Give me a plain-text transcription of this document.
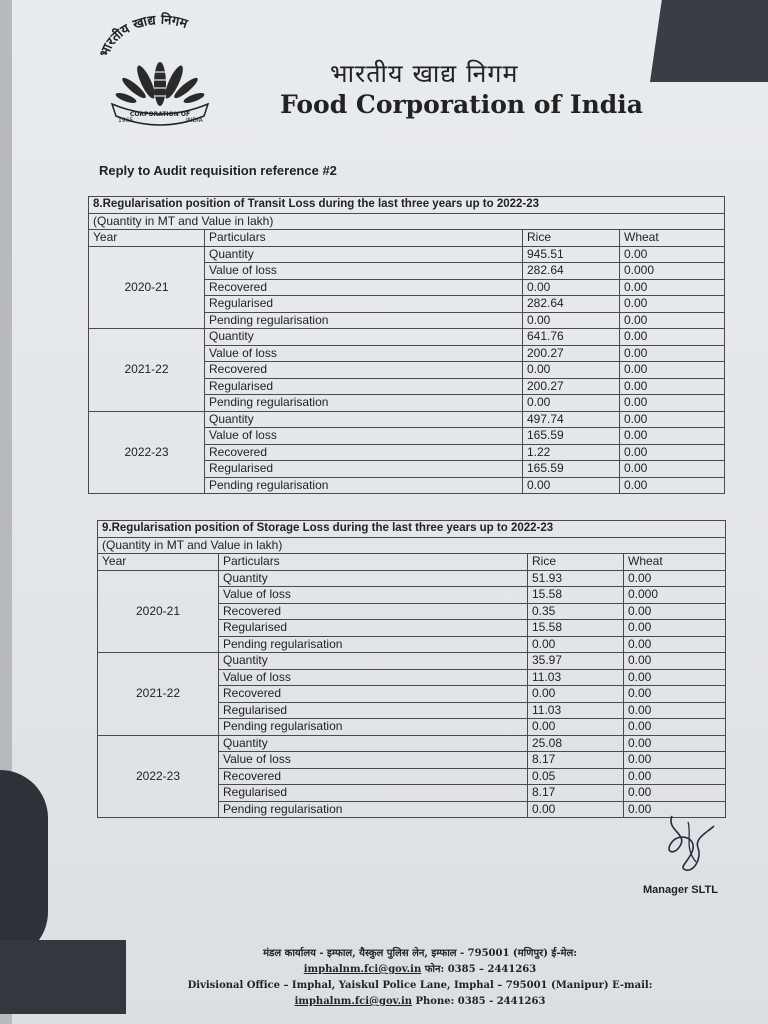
भारतीय खाद्य निगम
CORPORATION OF
1965	INDIA
भारतीय खाद्य निगम
Food Corporation of India
Reply to Audit requisition reference #2
8.Regularisation position of Transit Loss during the last three years up to 2022-23			
(Quantity in MT and Value in lakh)			
Year	Particulars	Rice	Wheat
2020-21	Quantity	945.51	0.00
	Value of loss	282.64	0.000
	Recovered	0.00	0.00
	Regularised	282.64	0.00
	Pending regularisation	0.00	0.00
2021-22	Quantity	641.76	0.00
	Value of loss	200.27	0.00
	Recovered	0.00	0.00
	Regularised	200.27	0.00
	Pending regularisation	0.00	0.00
2022-23	Quantity	497.74	0.00
	Value of loss	165.59	0.00
	Recovered	1.22	0.00
	Regularised	165.59	0.00
	Pending regularisation	0.00	0.00
9.Regularisation position of Storage Loss during the last three years up to 2022-23			
(Quantity in MT and Value in lakh)			
Year	Particulars	Rice	Wheat
2020-21	Quantity	51.93	0.00
	Value of loss	15.58	0.000
	Recovered	0.35	0.00
	Regularised	15.58	0.00
	Pending regularisation	0.00	0.00
2021-22	Quantity	35.97	0.00
	Value of loss	11.03	0.00
	Recovered	0.00	0.00
	Regularised	11.03	0.00
	Pending regularisation	0.00	0.00
2022-23	Quantity	25.08	0.00
	Value of loss	8.17	0.00
	Recovered	0.05	0.00
	Regularised	8.17	0.00
	Pending regularisation	0.00	0.00
Manager SLTL
मंडल कार्यालय - इम्फाल, यैस्कुल पुलिस लेन, इम्फाल - 795001 (मणिपुर) ई-मेल:
imphalnm.fci@gov.in फोन: 0385 – 2441263
Divisional Office – Imphal, Yaiskul Police Lane, Imphal – 795001 (Manipur) E-mail:
imphalnm.fci@gov.in Phone: 0385 - 2441263
